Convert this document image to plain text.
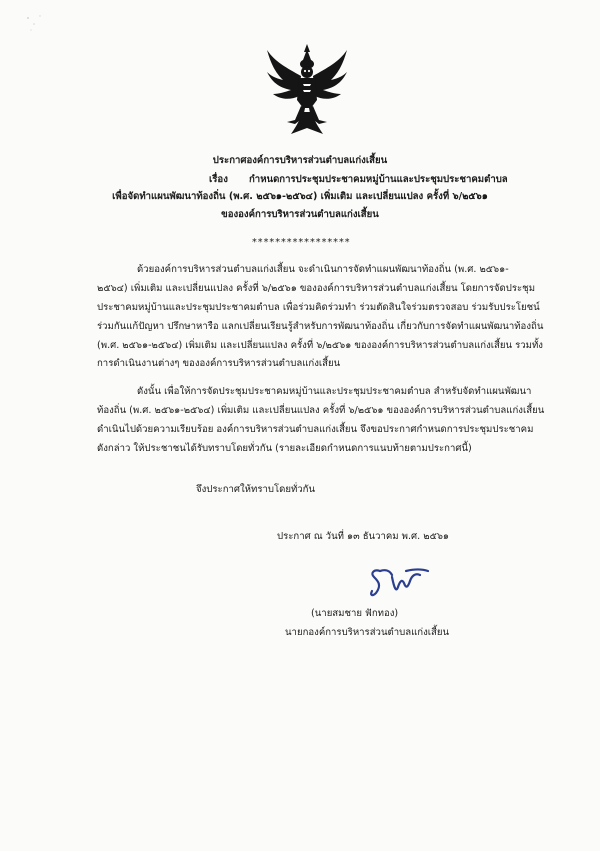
ประกาศองค์การบริหารส่วนตำบลแก่งเสี้ยน
เรื่อง กำหนดการประชุมประชาคมหมู่บ้านและประชุมประชาคมตำบล
เพื่อจัดทำแผนพัฒนาท้องถิ่น (พ.ศ. ๒๕๖๑-๒๕๖๔) เพิ่มเติม และเปลี่ยนแปลง ครั้งที่ ๖/๒๕๖๑
ขององค์การบริหารส่วนตำบลแก่งเสี้ยน
*****************
ด้วยองค์การบริหารส่วนตำบลแก่งเสี้ยน จะดำเนินการจัดทำแผนพัฒนาท้องถิ่น (พ.ศ. ๒๕๖๑-
๒๕๖๔) เพิ่มเติม และเปลี่ยนแปลง ครั้งที่ ๖/๒๕๖๑ ขององค์การบริหารส่วนตำบลแก่งเสี้ยน โดยการจัดประชุม
ประชาคมหมู่บ้านและประชุมประชาคมตำบล เพื่อร่วมคิดร่วมทำ ร่วมตัดสินใจร่วมตรวจสอบ ร่วมรับประโยชน์
ร่วมกันแก้ปัญหา ปรึกษาหารือ แลกเปลี่ยนเรียนรู้สำหรับการพัฒนาท้องถิ่น เกี่ยวกับการจัดทำแผนพัฒนาท้องถิ่น
(พ.ศ. ๒๕๖๑-๒๕๖๔) เพิ่มเติม และเปลี่ยนแปลง ครั้งที่ ๖/๒๕๖๑ ขององค์การบริหารส่วนตำบลแก่งเสี้ยน รวมทั้ง
การดำเนินงานต่างๆ ขององค์การบริหารส่วนตำบลแก่งเสี้ยน
ดังนั้น เพื่อให้การจัดประชุมประชาคมหมู่บ้านและประชุมประชาคมตำบล สำหรับจัดทำแผนพัฒนา
ท้องถิ่น (พ.ศ. ๒๕๖๑-๒๕๖๔) เพิ่มเติม และเปลี่ยนแปลง ครั้งที่ ๖/๒๕๖๑ ขององค์การบริหารส่วนตำบลแก่งเสี้ยน
ดำเนินไปด้วยความเรียบร้อย องค์การบริหารส่วนตำบลแก่งเสี้ยน จึงขอประกาศกำหนดการประชุมประชาคม
ดังกล่าว ให้ประชาชนได้รับทราบโดยทั่วกัน (รายละเอียดกำหนดการแนบท้ายตามประกาศนี้)
จึงประกาศให้ทราบโดยทั่วกัน
ประกาศ ณ วันที่ ๑๓ ธันวาคม พ.ศ. ๒๕๖๑
(นายสมชาย ฟักทอง)
นายกองค์การบริหารส่วนตำบลแก่งเสี้ยน
